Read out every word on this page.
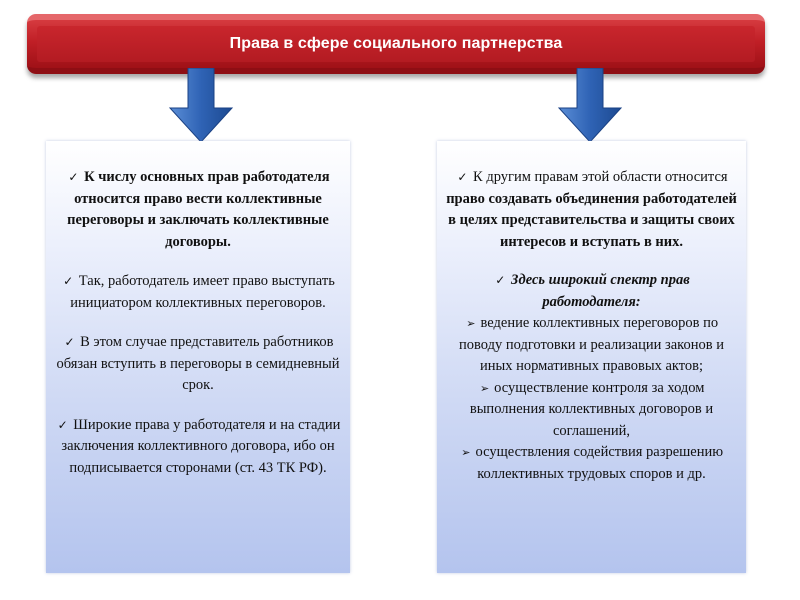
Права в сфере социального партнерства

✓ К числу основных прав работодателя относится право вести коллективные переговоры и заключать коллективные договоры.

✓ Так, работодатель имеет право выступать инициатором коллективных переговоров.

✓ В этом случае представитель работников обязан вступить в переговоры в семидневный срок.

✓ Широкие права у работодателя и на стадии заключения коллективного договора, ибо он подписывается сторонами (ст. 43 ТК РФ).

✓ К другим правам этой области относится право создавать объединения работодателей в целях представительства и защиты своих интересов и вступать в них.

✓ Здесь широкий спектр прав работодателя:

➢ ведение коллективных переговоров по поводу подготовки и реализации законов и иных нормативных правовых актов;

➢ осуществление контроля за ходом выполнения коллективных договоров и соглашений,

➢ осуществления содействия разрешению коллективных трудовых споров и др.
